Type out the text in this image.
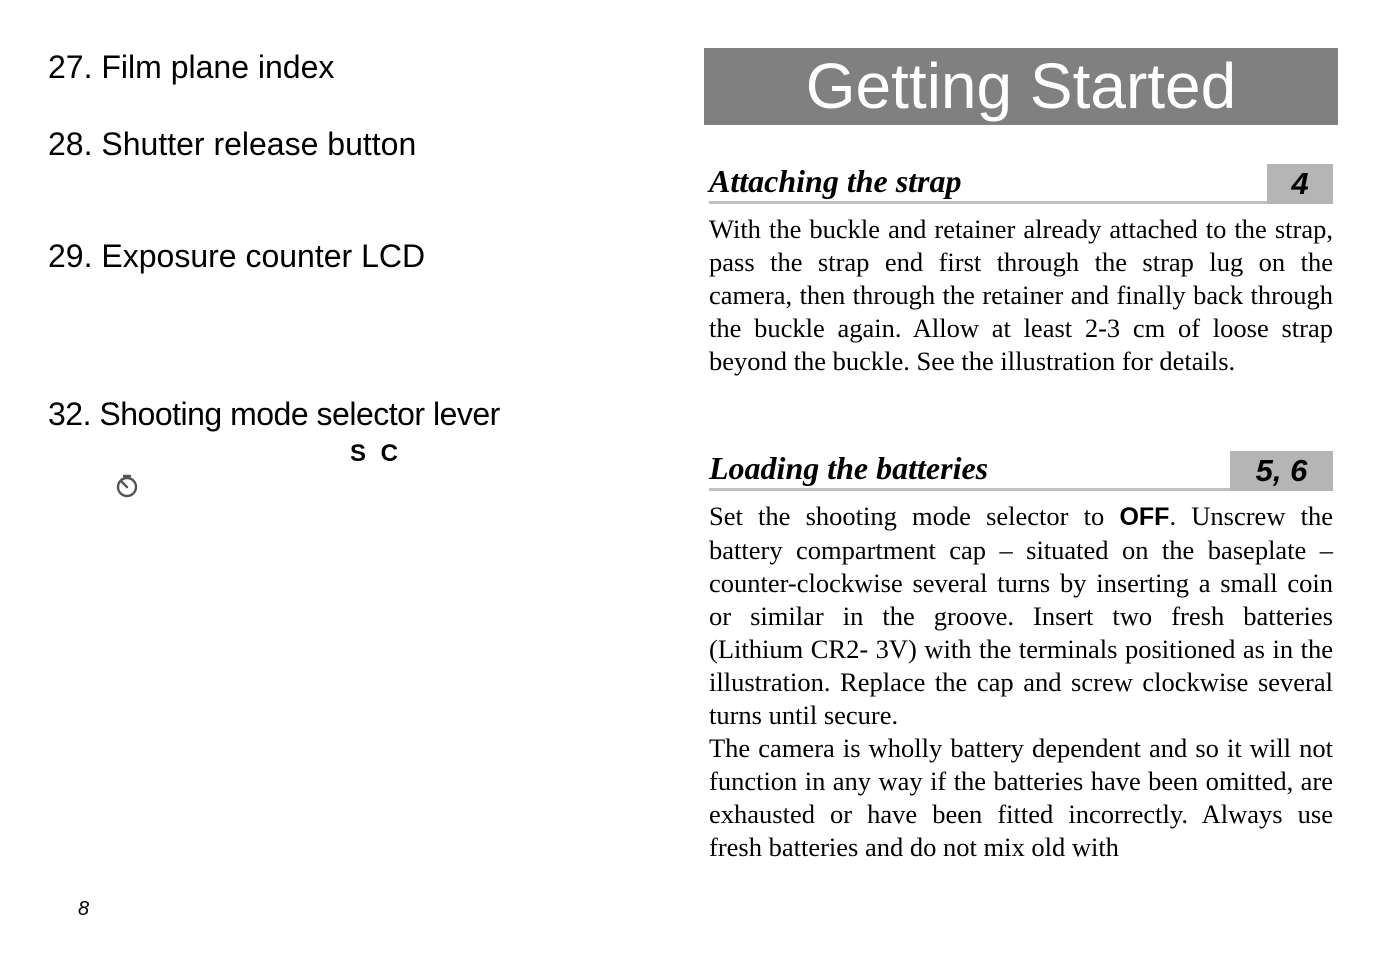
27. Film plane index

28. Shutter release button

29. Exposure counter LCD

32. Shooting mode selector lever

S C
8
Getting Started
Attaching the strap	4

With the buckle and retainer already attached to the strap, pass the strap end first through the strap lug on the camera, then through the retainer and finally back through the buckle again. Allow at least 2-3 cm of loose strap beyond the buckle. See the illustration for details.

Loading the batteries	5, 6
Set the shooting mode selector to OFF. Unscrew the battery compartment cap – situated on the baseplate – counter-clockwise several turns by inserting a small coin or similar in the groove. Insert two fresh batteries (Lithium CR2- 3V) with the terminals positioned as in the illustration. Replace the cap and screw clockwise several turns until secure.
The camera is wholly battery dependent and so it will not function in any way if the batteries have been omitted, are exhausted or have been fitted incorrectly. Always use fresh batteries and do not mix old with
